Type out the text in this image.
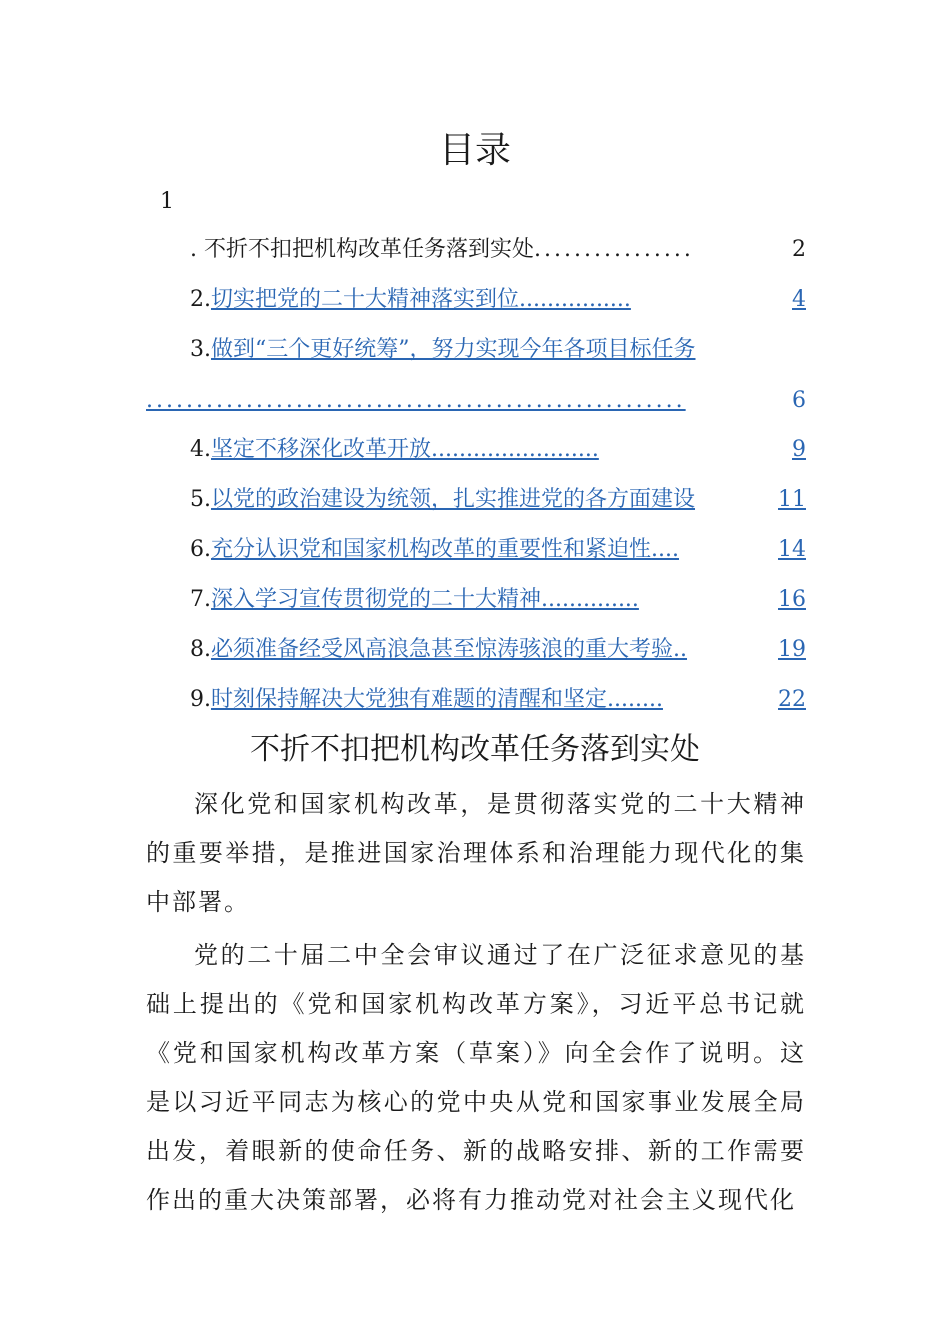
目录
1
. 不折不扣把机构改革任务落到实处 ................	2
2.切实把党的二十大精神落实到位................	4
3.做到“三个更好统筹”，努力实现今年各项目标任务
......................................................	6
4.坚定不移深化改革开放........................	9
5.以党的政治建设为统领，扎实推进党的各方面建设	11
6.充分认识党和国家机构改革的重要性和紧迫性....	14
7.深入学习宣传贯彻党的二十大精神..............	16
8.必须准备经受风高浪急甚至惊涛骇浪的重大考验..	19
9.时刻保持解决大党独有难题的清醒和坚定........	22
不折不扣把机构改革任务落到实处

深化党和国家机构改革，是贯彻落实党的二十大精神的重要举措，是推进国家治理体系和治理能力现代化的集中部署。

党的二十届二中全会审议通过了在广泛征求意见的基础上提出的《党和国家机构改革方案》，习近平总书记就《党和国家机构改革方案（草案）》向全会作了说明。这是以习近平同志为核心的党中央从党和国家事业发展全局出发，着眼新的使命任务、新的战略安排、新的工作需要作出的重大决策部署，必将有力推动党对社会主义现代化
